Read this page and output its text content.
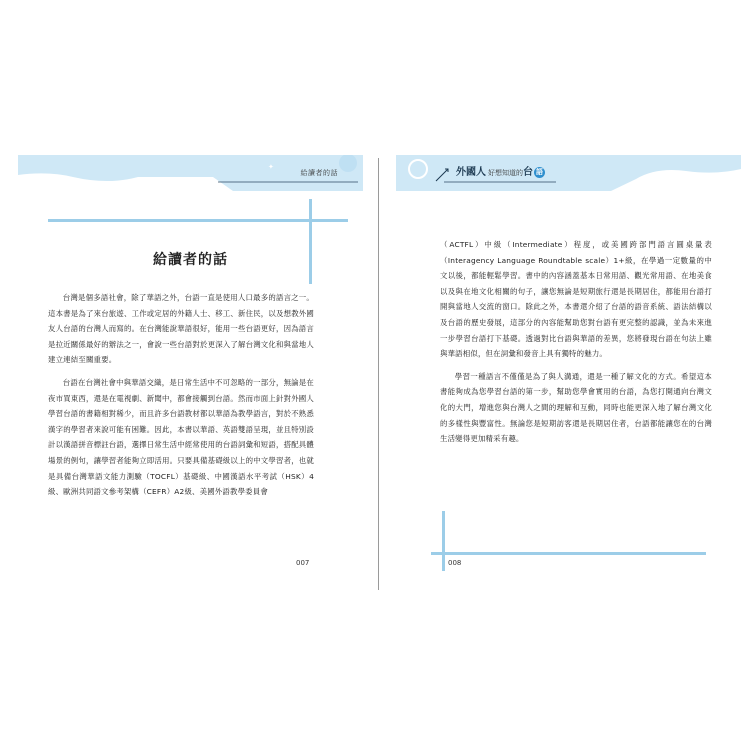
✦
給讀者的話
給讀者的話

台灣是個多語社會，除了華語之外，台語一直是使用人口最多的語言之一。這本書是為了來台旅遊、工作或定居的外籍人士、移工、新住民，以及想教外國友人台語的台灣人而寫的。在台灣能說華語很好，能用一些台語更好，因為語言是拉近關係最好的辦法之一，會說一些台語對於更深入了解台灣文化和與當地人建立連結至關重要。

台語在台灣社會中與華語交織，是日常生活中不可忽略的一部分，無論是在夜市買東西，還是在電視劇、新聞中，都會接觸到台語。然而市面上針對外國人學習台語的書籍相對稀少，而且許多台語教材都以華語為教學語言，對於不熟悉漢字的學習者來說可能有困難。因此，本書以華語、英語雙語呈現，並且特別設計以漢語拼音標註台語，選擇日常生活中經常使用的台語詞彙和短語，搭配具體場景的例句，讓學習者能夠立即活用。只要具備基礎級以上的中文學習者，也就是具備台灣華語文能力測驗（TOCFL）基礎級、中國漢語水平考試（HSK）4級、歐洲共同語文參考架構（CEFR）A2級、美國外語教學委員會

007
外國人 好想知道的台 語

（ACTFL）中級（Intermediate）程度，或美國跨部門語言圓桌量表（Interagency Language Roundtable scale）1+級，在學過一定數量的中文以後，都能輕鬆學習。書中的內容涵蓋基本日常用語、觀光常用語、在地美食以及與在地文化相關的句子，讓您無論是短期旅行還是長期居住，都能用台語打開與當地人交流的窗口。除此之外，本書還介紹了台語的語音系統、語法結構以及台語的歷史發展，這部分的內容能幫助您對台語有更完整的認識，並為未來進一步學習台語打下基礎。透過對比台語與華語的差異，您將發現台語在句法上雖與華語相似，但在詞彙和發音上具有獨特的魅力。

學習一種語言不僅僅是為了與人溝通，還是一種了解文化的方式。希望這本書能夠成為您學習台語的第一步，幫助您學會實用的台語，為您打開通向台灣文化的大門，增進您與台灣人之間的理解和互動，同時也能更深入地了解台灣文化的多樣性與豐富性。無論您是短期訪客還是長期居住者，台語都能讓您在的台灣生活變得更加精采有趣。

008
